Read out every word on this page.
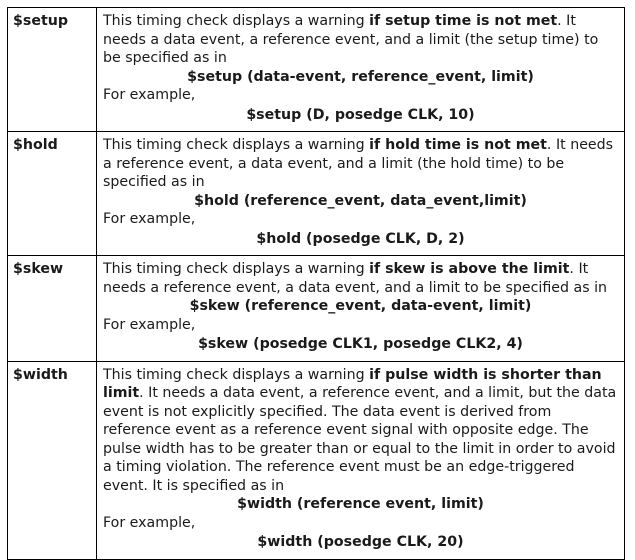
$setup	This timing check displays a warning if setup time is not met. It needs a data event, a reference event, and a limit (the setup time) to be specified as in

$setup (data-event, reference_event, limit)

For example,

$setup (D, posedge CLK, 10)

$hold	This timing check displays a warning if hold time is not met. It needs a reference event, a data event, and a limit (the hold time) to be specified as in

$hold (reference_event, data_event,limit)

For example,

$hold (posedge CLK, D, 2)

$skew	This timing check displays a warning if skew is above the limit. It needs a reference event, a data event, and a limit to be specified as in

$skew (reference_event, data-event, limit)

For example,

$skew (posedge CLK1, posedge CLK2, 4)

$width	This timing check displays a warning if pulse width is shorter than limit. It needs a data event, a reference event, and a limit, but the data event is not explicitly specified. The data event is derived from reference event as a reference event signal with opposite edge. The pulse width has to be greater than or equal to the limit in order to avoid a timing violation. The reference event must be an edge-triggered event. It is specified as in

$width (reference event, limit)

For example,

$width (posedge CLK, 20)
